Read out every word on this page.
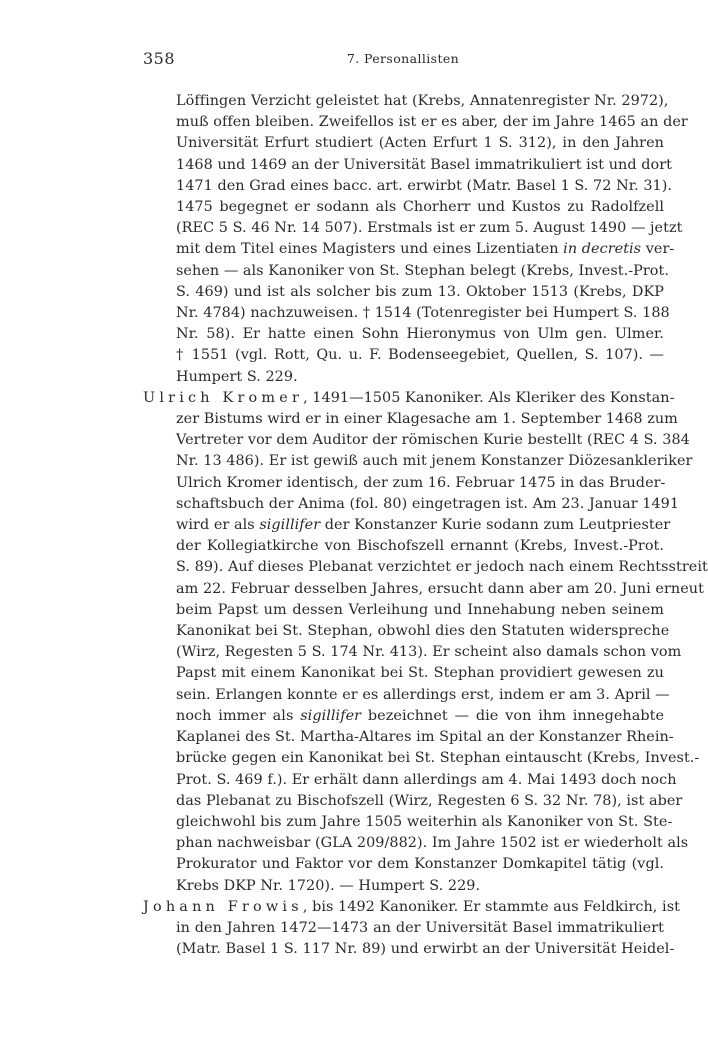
358	7. Personallisten
Löffingen Verzicht geleistet hat (Krebs, Annatenregister Nr. 2972),
muß offen bleiben. Zweifellos ist er es aber, der im Jahre 1465 an der
Universität Erfurt studiert (Acten Erfurt 1 S. 312), in den Jahren
1468 und 1469 an der Universität Basel immatrikuliert ist und dort
1471 den Grad eines bacc. art. erwirbt (Matr. Basel 1 S. 72 Nr. 31).
1475 begegnet er sodann als Chorherr und Kustos zu Radolfzell
(REC 5 S. 46 Nr. 14 507). Erstmals ist er zum 5. August 1490 — jetzt
mit dem Titel eines Magisters und eines Lizentiaten in decretis ver-
sehen — als Kanoniker von St. Stephan belegt (Krebs, Invest.-Prot.
S. 469) und ist als solcher bis zum 13. Oktober 1513 (Krebs, DKP
Nr. 4784) nachzuweisen. † 1514 (Totenregister bei Humpert S. 188
Nr. 58). Er hatte einen Sohn Hieronymus von Ulm gen. Ulmer.
† 1551 (vgl. Rott, Qu. u. F. Bodenseegebiet, Quellen, S. 107). —
Humpert S. 229.
Ulrich Kromer, 1491—1505 Kanoniker. Als Kleriker des Konstan-
zer Bistums wird er in einer Klagesache am 1. September 1468 zum
Vertreter vor dem Auditor der römischen Kurie bestellt (REC 4 S. 384
Nr. 13 486). Er ist gewiß auch mit jenem Konstanzer Diözesankleriker
Ulrich Kromer identisch, der zum 16. Februar 1475 in das Bruder-
schaftsbuch der Anima (fol. 80) eingetragen ist. Am 23. Januar 1491
wird er als sigillifer der Konstanzer Kurie sodann zum Leutpriester
der Kollegiatkirche von Bischofszell ernannt (Krebs, Invest.-Prot.
S. 89). Auf dieses Plebanat verzichtet er jedoch nach einem Rechtsstreit
am 22. Februar desselben Jahres, ersucht dann aber am 20. Juni erneut
beim Papst um dessen Verleihung und Innehabung neben seinem
Kanonikat bei St. Stephan, obwohl dies den Statuten widerspreche
(Wirz, Regesten 5 S. 174 Nr. 413). Er scheint also damals schon vom
Papst mit einem Kanonikat bei St. Stephan providiert gewesen zu
sein. Erlangen konnte er es allerdings erst, indem er am 3. April —
noch immer als sigillifer bezeichnet — die von ihm innegehabte
Kaplanei des St. Martha-Altares im Spital an der Konstanzer Rhein-
brücke gegen ein Kanonikat bei St. Stephan eintauscht (Krebs, Invest.-
Prot. S. 469 f.). Er erhält dann allerdings am 4. Mai 1493 doch noch
das Plebanat zu Bischofszell (Wirz, Regesten 6 S. 32 Nr. 78), ist aber
gleichwohl bis zum Jahre 1505 weiterhin als Kanoniker von St. Ste-
phan nachweisbar (GLA 209/882). Im Jahre 1502 ist er wiederholt als
Prokurator und Faktor vor dem Konstanzer Domkapitel tätig (vgl.
Krebs DKP Nr. 1720). — Humpert S. 229.
Johann Frowis, bis 1492 Kanoniker. Er stammte aus Feldkirch, ist
in den Jahren 1472—1473 an der Universität Basel immatrikuliert
(Matr. Basel 1 S. 117 Nr. 89) und erwirbt an der Universität Heidel-
